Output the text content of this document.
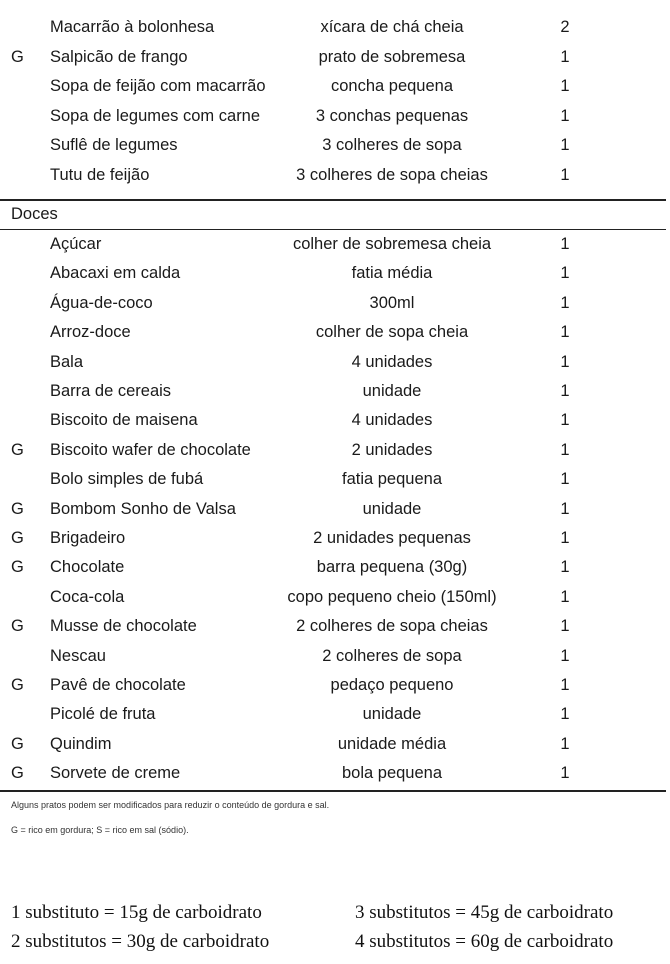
Macarrão à bolonhesa	xícara de chá cheia	2
G Salpicão de frango	prato de sobremesa	1
Sopa de feijão com macarrão	concha pequena	1
Sopa de legumes com carne	3 conchas pequenas	1
Suflê de legumes	3 colheres de sopa	1
Tutu de feijão	3 colheres de sopa cheias	1
Doces
Açúcar	colher de sobremesa cheia	1
Abacaxi em calda	fatia média	1
Água-de-coco	300ml	1
Arroz-doce	colher de sopa cheia	1
Bala	4 unidades	1
Barra de cereais	unidade	1
Biscoito de maisena	4 unidades	1
G Biscoito wafer de chocolate	2 unidades	1
Bolo simples de fubá	fatia pequena	1
G Bombom Sonho de Valsa	unidade	1
G Brigadeiro	2 unidades pequenas	1
G Chocolate	barra pequena (30g)	1
Coca-cola	copo pequeno cheio (150ml)	1
G Musse de chocolate	2 colheres de sopa cheias	1
Nescau	2 colheres de sopa	1
G Pavê de chocolate	pedaço pequeno	1
Picolé de fruta	unidade	1
G Quindim	unidade média	1
G Sorvete de creme	bola pequena	1
Alguns pratos podem ser modificados para reduzir o conteúdo de gordura e sal.
G = rico em gordura; S = rico em sal (sódio).
1 substituto = 15g de carboidrato	3 substitutos = 45g de carboidrato
2 substitutos = 30g de carboidrato	4 substitutos = 60g de carboidrato
